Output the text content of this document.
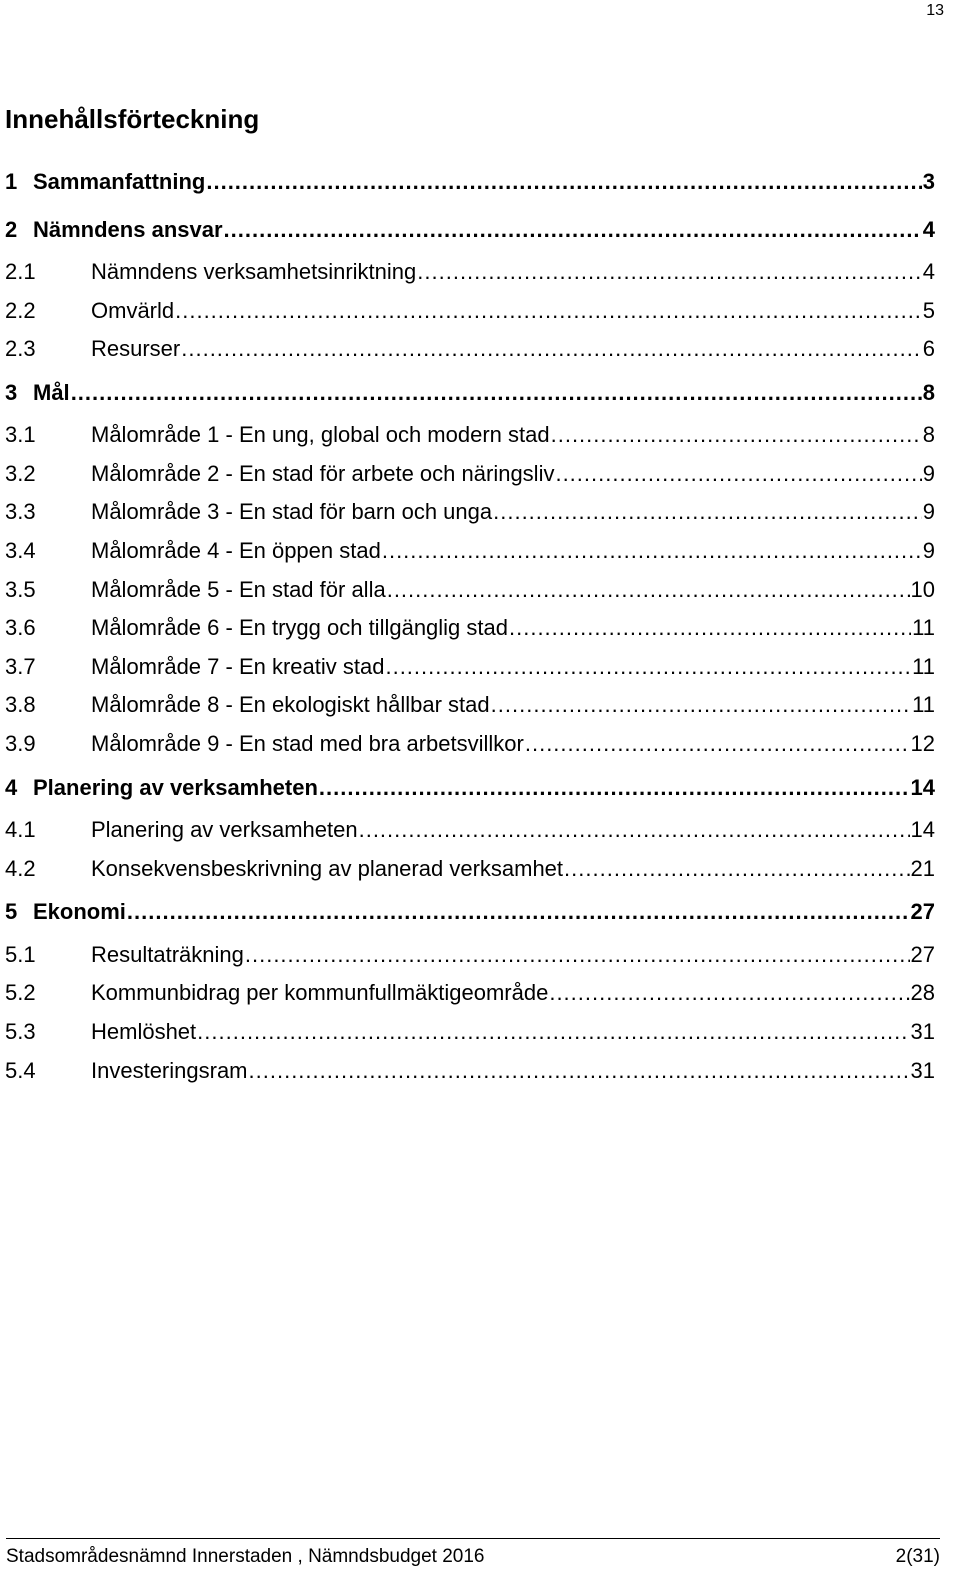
13
Innehållsförteckning
1 Sammanfattning .....	3
2 Nämndens ansvar .....	4
2.1	Nämndens verksamhetsinriktning .....	4
2.2	Omvärld .....	5
2.3	Resurser .....	6
3 Mål .....	8
3.1	Målområde 1 - En ung, global och modern stad .....	8
3.2	Målområde 2 - En stad för arbete och näringsliv .....	9
3.3	Målområde 3 - En stad för barn och unga .....	9
3.4	Målområde 4 - En öppen stad .....	9
3.5	Målområde 5 - En stad för alla .....	10
3.6	Målområde 6 - En trygg och tillgänglig stad .....	11
3.7	Målområde 7 - En kreativ stad .....	11
3.8	Målområde 8 - En ekologiskt hållbar stad .....	11
3.9	Målområde 9 - En stad med bra arbetsvillkor .....	12
4 Planering av verksamheten .....	14
4.1	Planering av verksamheten .....	14
4.2	Konsekvensbeskrivning av planerad verksamhet .....	21
5 Ekonomi .....	27
5.1	Resultaträkning .....	27
5.2	Kommunbidrag per kommunfullmäktigeområde .....	28
5.3	Hemlöshet .....	31
5.4	Investeringsram .....	31
Stadsområdesnämnd Innerstaden , Nämndsbudget 2016	2(31)
